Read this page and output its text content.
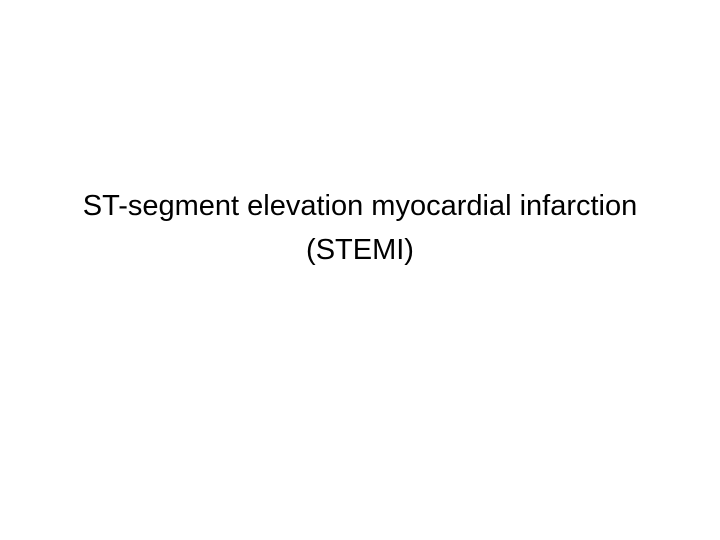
ST-segment elevation myocardial infarction
(STEMI)
